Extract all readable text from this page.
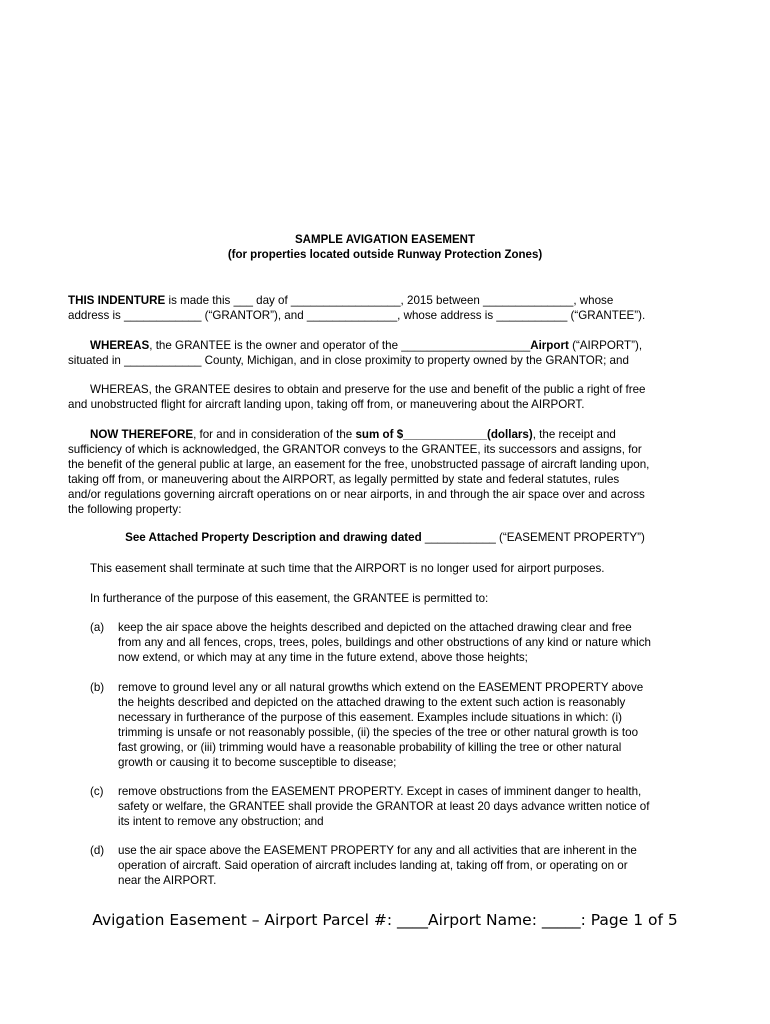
SAMPLE AVIGATION EASEMENT
(for properties located outside Runway Protection Zones)
THIS INDENTURE is made this ___ day of _________________, 2015 between ______________, whose
address is ____________ (“GRANTOR”), and ______________, whose address is ___________ (“GRANTEE”).
WHEREAS, the GRANTEE is the owner and operator of the ____________________Airport (“AIRPORT”),
situated in ____________ County, Michigan, and in close proximity to property owned by the GRANTOR; and
WHEREAS, the GRANTEE desires to obtain and preserve for the use and benefit of the public a right of free
and unobstructed flight for aircraft landing upon, taking off from, or maneuvering about the AIRPORT.
NOW THEREFORE, for and in consideration of the sum of $_____________(dollars), the receipt and
sufficiency of which is acknowledged, the GRANTOR conveys to the GRANTEE, its successors and assigns, for
the benefit of the general public at large, an easement for the free, unobstructed passage of aircraft landing upon,
taking off from, or maneuvering about the AIRPORT, as legally permitted by state and federal statutes, rules
and/or regulations governing aircraft operations on or near airports, in and through the air space over and across
the following property:
See Attached Property Description and drawing dated ___________ (“EASEMENT PROPERTY”)
This easement shall terminate at such time that the AIRPORT is no longer used for airport purposes.
In furtherance of the purpose of this easement, the GRANTEE is permitted to:
(a)	keep the air space above the heights described and depicted on the attached drawing clear and free
from any and all fences, crops, trees, poles, buildings and other obstructions of any kind or nature which
now extend, or which may at any time in the future extend, above those heights;
(b)	remove to ground level any or all natural growths which extend on the EASEMENT PROPERTY above
the heights described and depicted on the attached drawing to the extent such action is reasonably
necessary in furtherance of the purpose of this easement. Examples include situations in which: (i)
trimming is unsafe or not reasonably possible, (ii) the species of the tree or other natural growth is too
fast growing, or (iii) trimming would have a reasonable probability of killing the tree or other natural
growth or causing it to become susceptible to disease;
(c)	remove obstructions from the EASEMENT PROPERTY. Except in cases of imminent danger to health,
safety or welfare, the GRANTEE shall provide the GRANTOR at least 20 days advance written notice of
its intent to remove any obstruction; and
(d)	use the air space above the EASEMENT PROPERTY for any and all activities that are inherent in the
operation of aircraft. Said operation of aircraft includes landing at, taking off from, or operating on or
near the AIRPORT.
Avigation Easement – Airport Parcel #: ____Airport Name: _____: Page 1 of 5
